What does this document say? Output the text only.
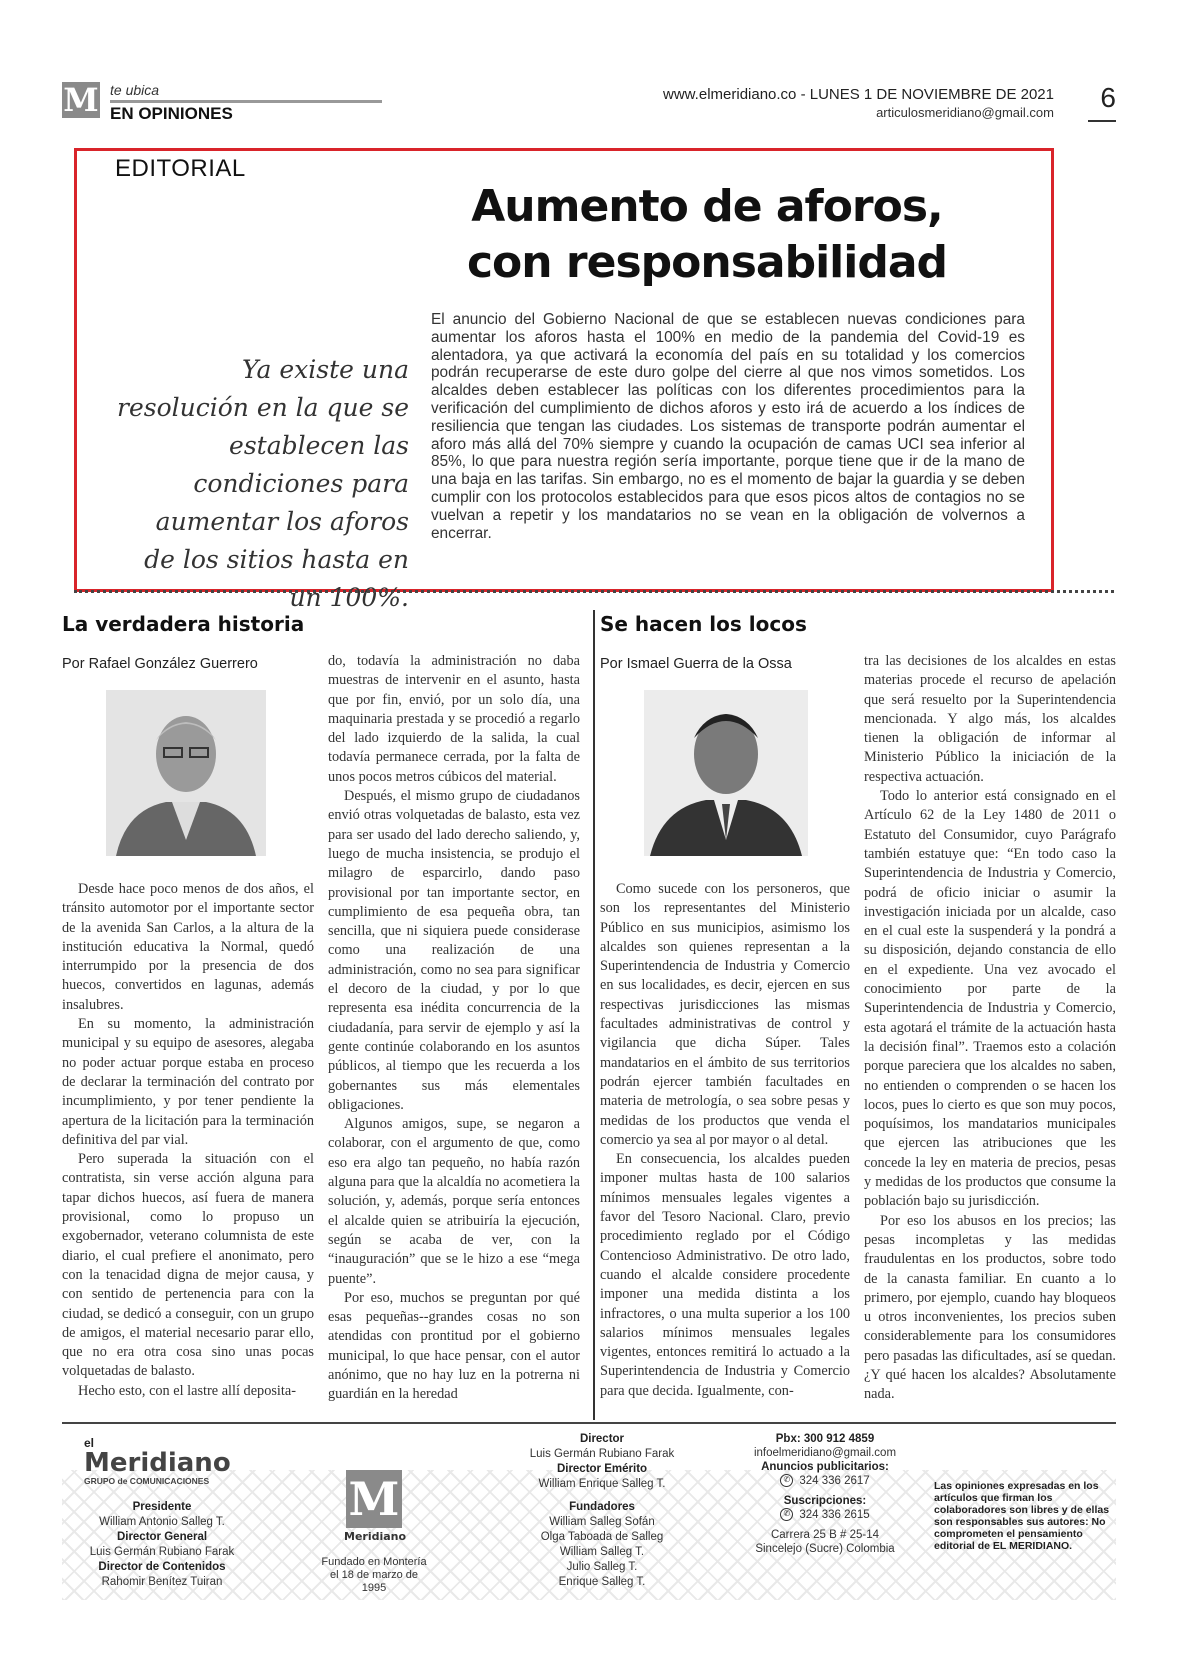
M te ubica
EN OPINIONES
www.elmeridiano.co - LUNES 1 DE NOVIEMBRE DE 2021
articulosmeridiano@gmail.com 6
EDITORIAL
Aumento de aforos,
con responsabilidad
Ya existe una resolución en la que se establecen las condiciones para aumentar los aforos de los sitios hasta en un 100%.
El anuncio del Gobierno Nacional de que se establecen nuevas condiciones para aumentar los aforos hasta el 100% en medio de la pandemia del Covid-19 es alentadora, ya que activará la economía del país en su totalidad y los comercios podrán recuperarse de este duro golpe del cierre al que nos vimos sometidos. Los alcaldes deben establecer las políticas con los diferentes procedimientos para la verificación del cumplimiento de dichos aforos y esto irá de acuerdo a los índices de resiliencia que tengan las ciudades. Los sistemas de transporte podrán aumentar el aforo más allá del 70% siempre y cuando la ocupación de camas UCI sea inferior al 85%, lo que para nuestra región sería importante, porque tiene que ir de la mano de una baja en las tarifas. Sin embargo, no es el momento de bajar la guardia y se deben cumplir con los protocolos establecidos para que esos picos altos de contagios no se vuelvan a repetir y los mandatarios no se vean en la obligación de volvernos a encerrar.
La verdadera historia
Por Rafael González Guerrero

Desde hace poco menos de dos años, el tránsito automotor por el importante sector de la avenida San Carlos, a la altura de la institución educativa la Normal, quedó interrumpido por la presencia de dos huecos, convertidos en lagunas, además insalubres.

En su momento, la administración municipal y su equipo de asesores, alegaba no poder actuar porque estaba en proceso de declarar la terminación del contrato por incumplimiento, y por tener pendiente la apertura de la licitación para la terminación definitiva del par vial.

Pero superada la situación con el contratista, sin verse acción alguna para tapar dichos huecos, así fuera de manera provisional, como lo propuso un exgobernador, veterano columnista de este diario, el cual prefiere el anonimato, pero con la tenacidad digna de mejor causa, y con sentido de pertenencia para con la ciudad, se dedicó a conseguir, con un grupo de amigos, el material necesario parar ello, que no era otra cosa sino unas pocas volquetadas de balasto.

Hecho esto, con el lastre allí deposita-

do, todavía la administración no daba muestras de intervenir en el asunto, hasta que por fin, envió, por un solo día, una maquinaria prestada y se procedió a regarlo del lado izquierdo de la salida, la cual todavía permanece cerrada, por la falta de unos pocos metros cúbicos del material.

Después, el mismo grupo de ciudadanos envió otras volquetadas de balasto, esta vez para ser usado del lado derecho saliendo, y, luego de mucha insistencia, se produjo el milagro de esparcirlo, dando paso provisional por tan importante sector, en cumplimiento de esa pequeña obra, tan sencilla, que ni siquiera puede considerase como una realización de una administración, como no sea para significar el decoro de la ciudad, y por lo que representa esa inédita concurrencia de la ciudadanía, para servir de ejemplo y así la gente continúe colaborando en los asuntos públicos, al tiempo que les recuerda a los gobernantes sus más elementales obligaciones.

Algunos amigos, supe, se negaron a colaborar, con el argumento de que, como eso era algo tan pequeño, no había razón alguna para que la alcaldía no acometiera la solución, y, además, porque sería entonces el alcalde quien se atribuiría la ejecución, según se acaba de ver, con la “inauguración” que se le hizo a ese “mega puente”.

Por eso, muchos se preguntan por qué esas pequeñas--grandes cosas no son atendidas con prontitud por el gobierno municipal, lo que hace pensar, con el autor anónimo, que no hay luz en la potrerna ni guardián en la heredad

Se hacen los locos
Por Ismael Guerra de la Ossa

Como sucede con los personeros, que son los representantes del Ministerio Público en sus municipios, asimismo los alcaldes son quienes representan a la Superintendencia de Industria y Comercio en sus localidades, es decir, ejercen en sus respectivas jurisdicciones las mismas facultades administrativas de control y vigilancia que dicha Súper. Tales mandatarios en el ámbito de sus territorios podrán ejercer también facultades en materia de metrología, o sea sobre pesas y medidas de los productos que venda el comercio ya sea al por mayor o al detal.

En consecuencia, los alcaldes pueden imponer multas hasta de 100 salarios mínimos mensuales legales vigentes a favor del Tesoro Nacional. Claro, previo procedimiento reglado por el Código Contencioso Administrativo. De otro lado, cuando el alcalde considere procedente imponer una medida distinta a los infractores, o una multa superior a los 100 salarios mínimos mensuales legales vigentes, entonces remitirá lo actuado a la Superintendencia de Industria y Comercio para que decida. Igualmente, con-

tra las decisiones de los alcaldes en estas materias procede el recurso de apelación que será resuelto por la Superintendencia mencionada. Y algo más, los alcaldes tienen la obligación de informar al Ministerio Público la iniciación de la respectiva actuación.

Todo lo anterior está consignado en el Artículo 62 de la Ley 1480 de 2011 o Estatuto del Consumidor, cuyo Parágrafo también estatuye que: “En todo caso la Superintendencia de Industria y Comercio, podrá de oficio iniciar o asumir la investigación iniciada por un alcalde, caso en el cual este la suspenderá y la pondrá a su disposición, dejando constancia de ello en el expediente. Una vez avocado el conocimiento por parte de la Superintendencia de Industria y Comercio, esta agotará el trámite de la actuación hasta la decisión final”. Traemos esto a colación porque pareciera que los alcaldes no saben, no entienden o comprenden o se hacen los locos, pues lo cierto es que son muy pocos, poquísimos, los mandatarios municipales que ejercen las atribuciones que les concede la ley en materia de precios, pesas y medidas de los productos que consume la población bajo su jurisdicción.

Por eso los abusos en los precios; las pesas incompletas y las medidas fraudulentas en los productos, sobre todo de la canasta familiar. En cuanto a lo primero, por ejemplo, cuando hay bloqueos u otros inconvenientes, los precios suben considerablemente para los consumidores pero pasadas las dificultades, así se quedan. ¿Y qué hacen los alcaldes? Absolutamente nada.

el
Meridiano
GRUPO de COMUNICACIONES
Presidente
William Antonio Salleg T.
Director General
Luis Germán Rubiano Farak
Director de Contenidos
Rahomir Benítez Tuiran
M
Meridiano
Fundado en Montería el 18 de marzo de 1995
Director
Luis Germán Rubiano Farak
Director Emérito
William Enrique Salleg T.
Fundadores
William Salleg Sofán
Olga Taboada de Salleg
William Salleg T.
Julio Salleg T.
Enrique Salleg T.
Pbx: 300 912 4859
infoelmeridiano@gmail.com
Anuncios publicitarios:
✆ 324 336 2617
Suscripciones:
✆ 324 336 2615
Carrera 25 B # 25-14
Sincelejo (Sucre) Colombia
Las opiniones expresadas en los artículos que firman los colaboradores son libres y de ellas son responsables sus autores: No comprometen el pensamiento editorial de EL MERIDIANO.
